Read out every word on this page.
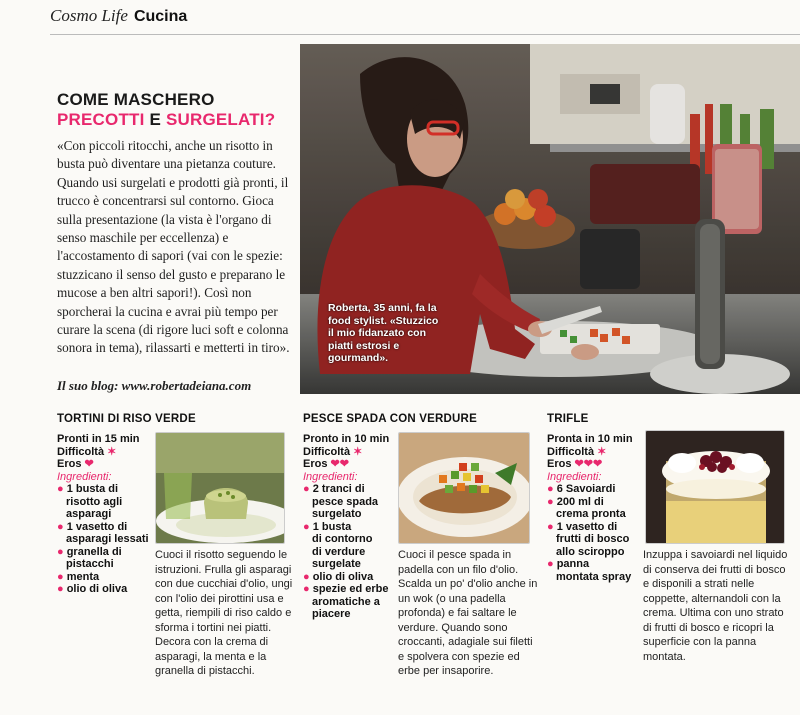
Cosmo Life Cucina
COME MASCHERO
PRECOTTI E SURGELATI?

«Con piccoli ritocchi, anche un risotto in busta può diventare una pietanza couture. Quando usi surgelati e prodotti già pronti, il trucco è concentrarsi sul contorno. Gioca sulla presentazione (la vista è l'organo di senso maschile per eccellenza) e l'accostamento di sapori (vai con le spezie: stuzzicano il senso del gusto e preparano le mucose a ben altri sapori!). Così non sporcherai la cucina e avrai più tempo per curare la scena (di rigore luci soft e colonna sonora in tema), rilassarti e metterti in tiro».

Il suo blog: www.robertadeiana.com
Roberta, 35 anni, fa la food stylist. «Stuzzico il mio fidanzato con piatti estrosi e gourmand».
TORTINI DI RISO VERDE
Pronti in 15 min
Difficoltà ✶
Eros ❤
Ingredienti:
● 1 busta di
risotto agli
asparagi
● 1 vasetto di
asparagi lessati
● granella di
pistacchi
● menta
● olio di oliva
Cuoci il risotto seguendo le istruzioni. Frulla gli asparagi con due cucchiai d'olio, ungi con l'olio dei pirottini usa e getta, riempili di riso caldo e sforma i tortini nei piatti. Decora con la crema di asparagi, la menta e la granella di pistacchi.
PESCE SPADA CON VERDURE
Pronto in 10 min
Difficoltà ✶
Eros ❤❤
Ingredienti:
● 2 tranci di
pesce spada
surgelato
● 1 busta
di contorno
di verdure
surgelate
● olio di oliva
● spezie ed erbe
aromatiche a
piacere
Cuoci il pesce spada in padella con un filo d'olio. Scalda un po' d'olio anche in un wok (o una padella profonda) e fai saltare le verdure. Quando sono croccanti, adagiale sui filetti e spolvera con spezie ed erbe per insaporire.
TRIFLE
Pronta in 10 min
Difficoltà ✶
Eros ❤❤❤
Ingredienti:
● 6 Savoiardi
● 200 ml di
crema pronta
● 1 vasetto di
frutti di bosco
allo sciroppo
● panna
montata spray
Inzuppa i savoiardi nel liquido di conserva dei frutti di bosco e disponili a strati nelle coppette, alternandoli con la crema. Ultima con uno strato di frutti di bosco e ricopri la superficie con la panna montata.
